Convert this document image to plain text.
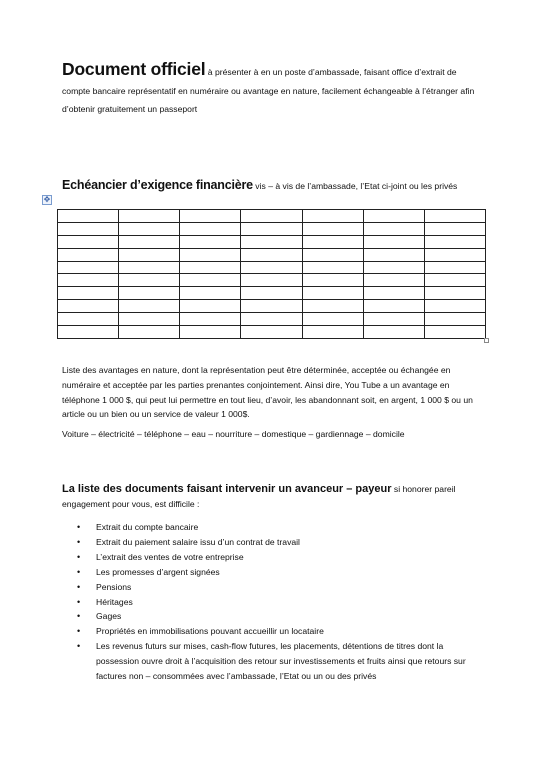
Document officiel à présenter à en un poste d’ambassade, faisant office d’extrait de compte bancaire représentatif en numéraire ou avantage en nature, facilement échangeable à l’étranger afin d’obtenir gratuitement un passeport
Echéancier d’exigence financière vis – à vis de l’ambassade, l’Etat ci-joint ou les privés
✥

Liste des avantages en nature, dont la représentation peut être déterminée, acceptée ou échangée en numéraire et acceptée par les parties prenantes conjointement. Ainsi dire, You Tube a un avantage en téléphone 1 000 $, qui peut lui permettre en tout lieu, d’avoir, les abandonnant soit, en argent, 1 000 $ ou un article ou un bien ou un service de valeur 1 000$.

Voiture – électricité – téléphone – eau – nourriture – domestique – gardiennage – domicile

La liste des documents faisant intervenir un avanceur – payeur si honorer pareil engagement pour vous, est difficile :
• Extrait du compte bancaire
• Extrait du paiement salaire issu d’un contrat de travail
• L’extrait des ventes de votre entreprise
• Les promesses d’argent signées
• Pensions
• Héritages
• Gages
• Propriétés en immobilisations pouvant accueillir un locataire
• Les revenus futurs sur mises, cash-flow futures, les placements, détentions de titres dont la possession ouvre droit à l’acquisition des retour sur investissements et fruits ainsi que retours sur factures non – consommées avec l’ambassade, l’Etat ou un ou des privés
